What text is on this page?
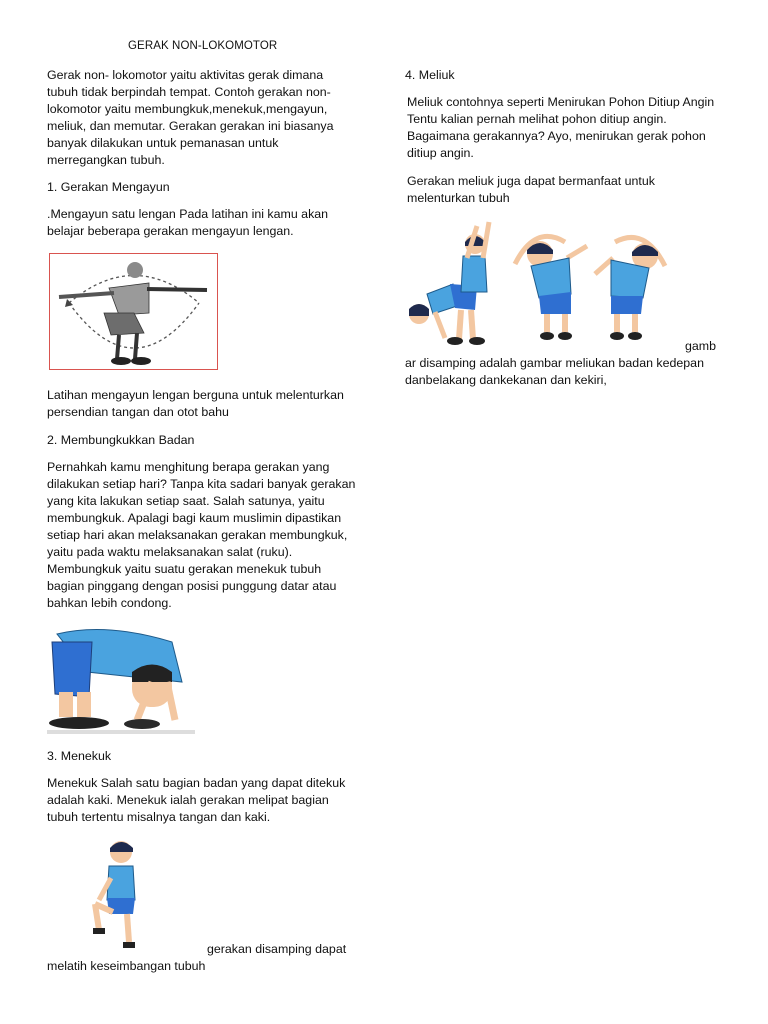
GERAK NON-LOKOMOTOR
Gerak non- lokomotor yaitu aktivitas gerak dimana tubuh tidak berpindah tempat. Contoh gerakan non-lokomotor yaitu membungkuk,menekuk,mengayun, meliuk, dan memutar. Gerakan gerakan ini biasanya banyak dilakukan untuk pemanasan untuk merregangkan tubuh.
1. Gerakan Mengayun
.Mengayun satu lengan Pada latihan ini kamu akan belajar beberapa gerakan mengayun lengan.
Latihan mengayun lengan berguna untuk melenturkan persendian tangan dan otot bahu
2. Membungkukkan Badan
Pernahkah kamu menghitung berapa gerakan yang dilakukan setiap hari? Tanpa kita sadari banyak gerakan yang kita lakukan setiap saat. Salah satunya, yaitu membungkuk. Apalagi bagi kaum muslimin dipastikan setiap hari akan melaksanakan gerakan membungkuk, yaitu pada waktu melaksanakan salat (ruku). Membungkuk yaitu suatu gerakan menekuk tubuh bagian pinggang dengan posisi punggung datar atau bahkan lebih condong.
3. Menekuk
Menekuk Salah satu bagian badan yang dapat ditekuk adalah kaki. Menekuk ialah gerakan melipat bagian tubuh tertentu misalnya tangan dan kaki.
gerakan disamping dapat
melatih keseimbangan tubuh
4. Meliuk
Meliuk contohnya seperti Menirukan Pohon Ditiup Angin Tentu kalian pernah melihat pohon ditiup angin. Bagaimana gerakannya? Ayo, menirukan gerak pohon ditiup angin.
Gerakan meliuk juga dapat bermanfaat untuk melenturkan tubuh
gamb
ar disamping adalah gambar meliukan badan kedepan danbelakang dankekanan dan kekiri,
